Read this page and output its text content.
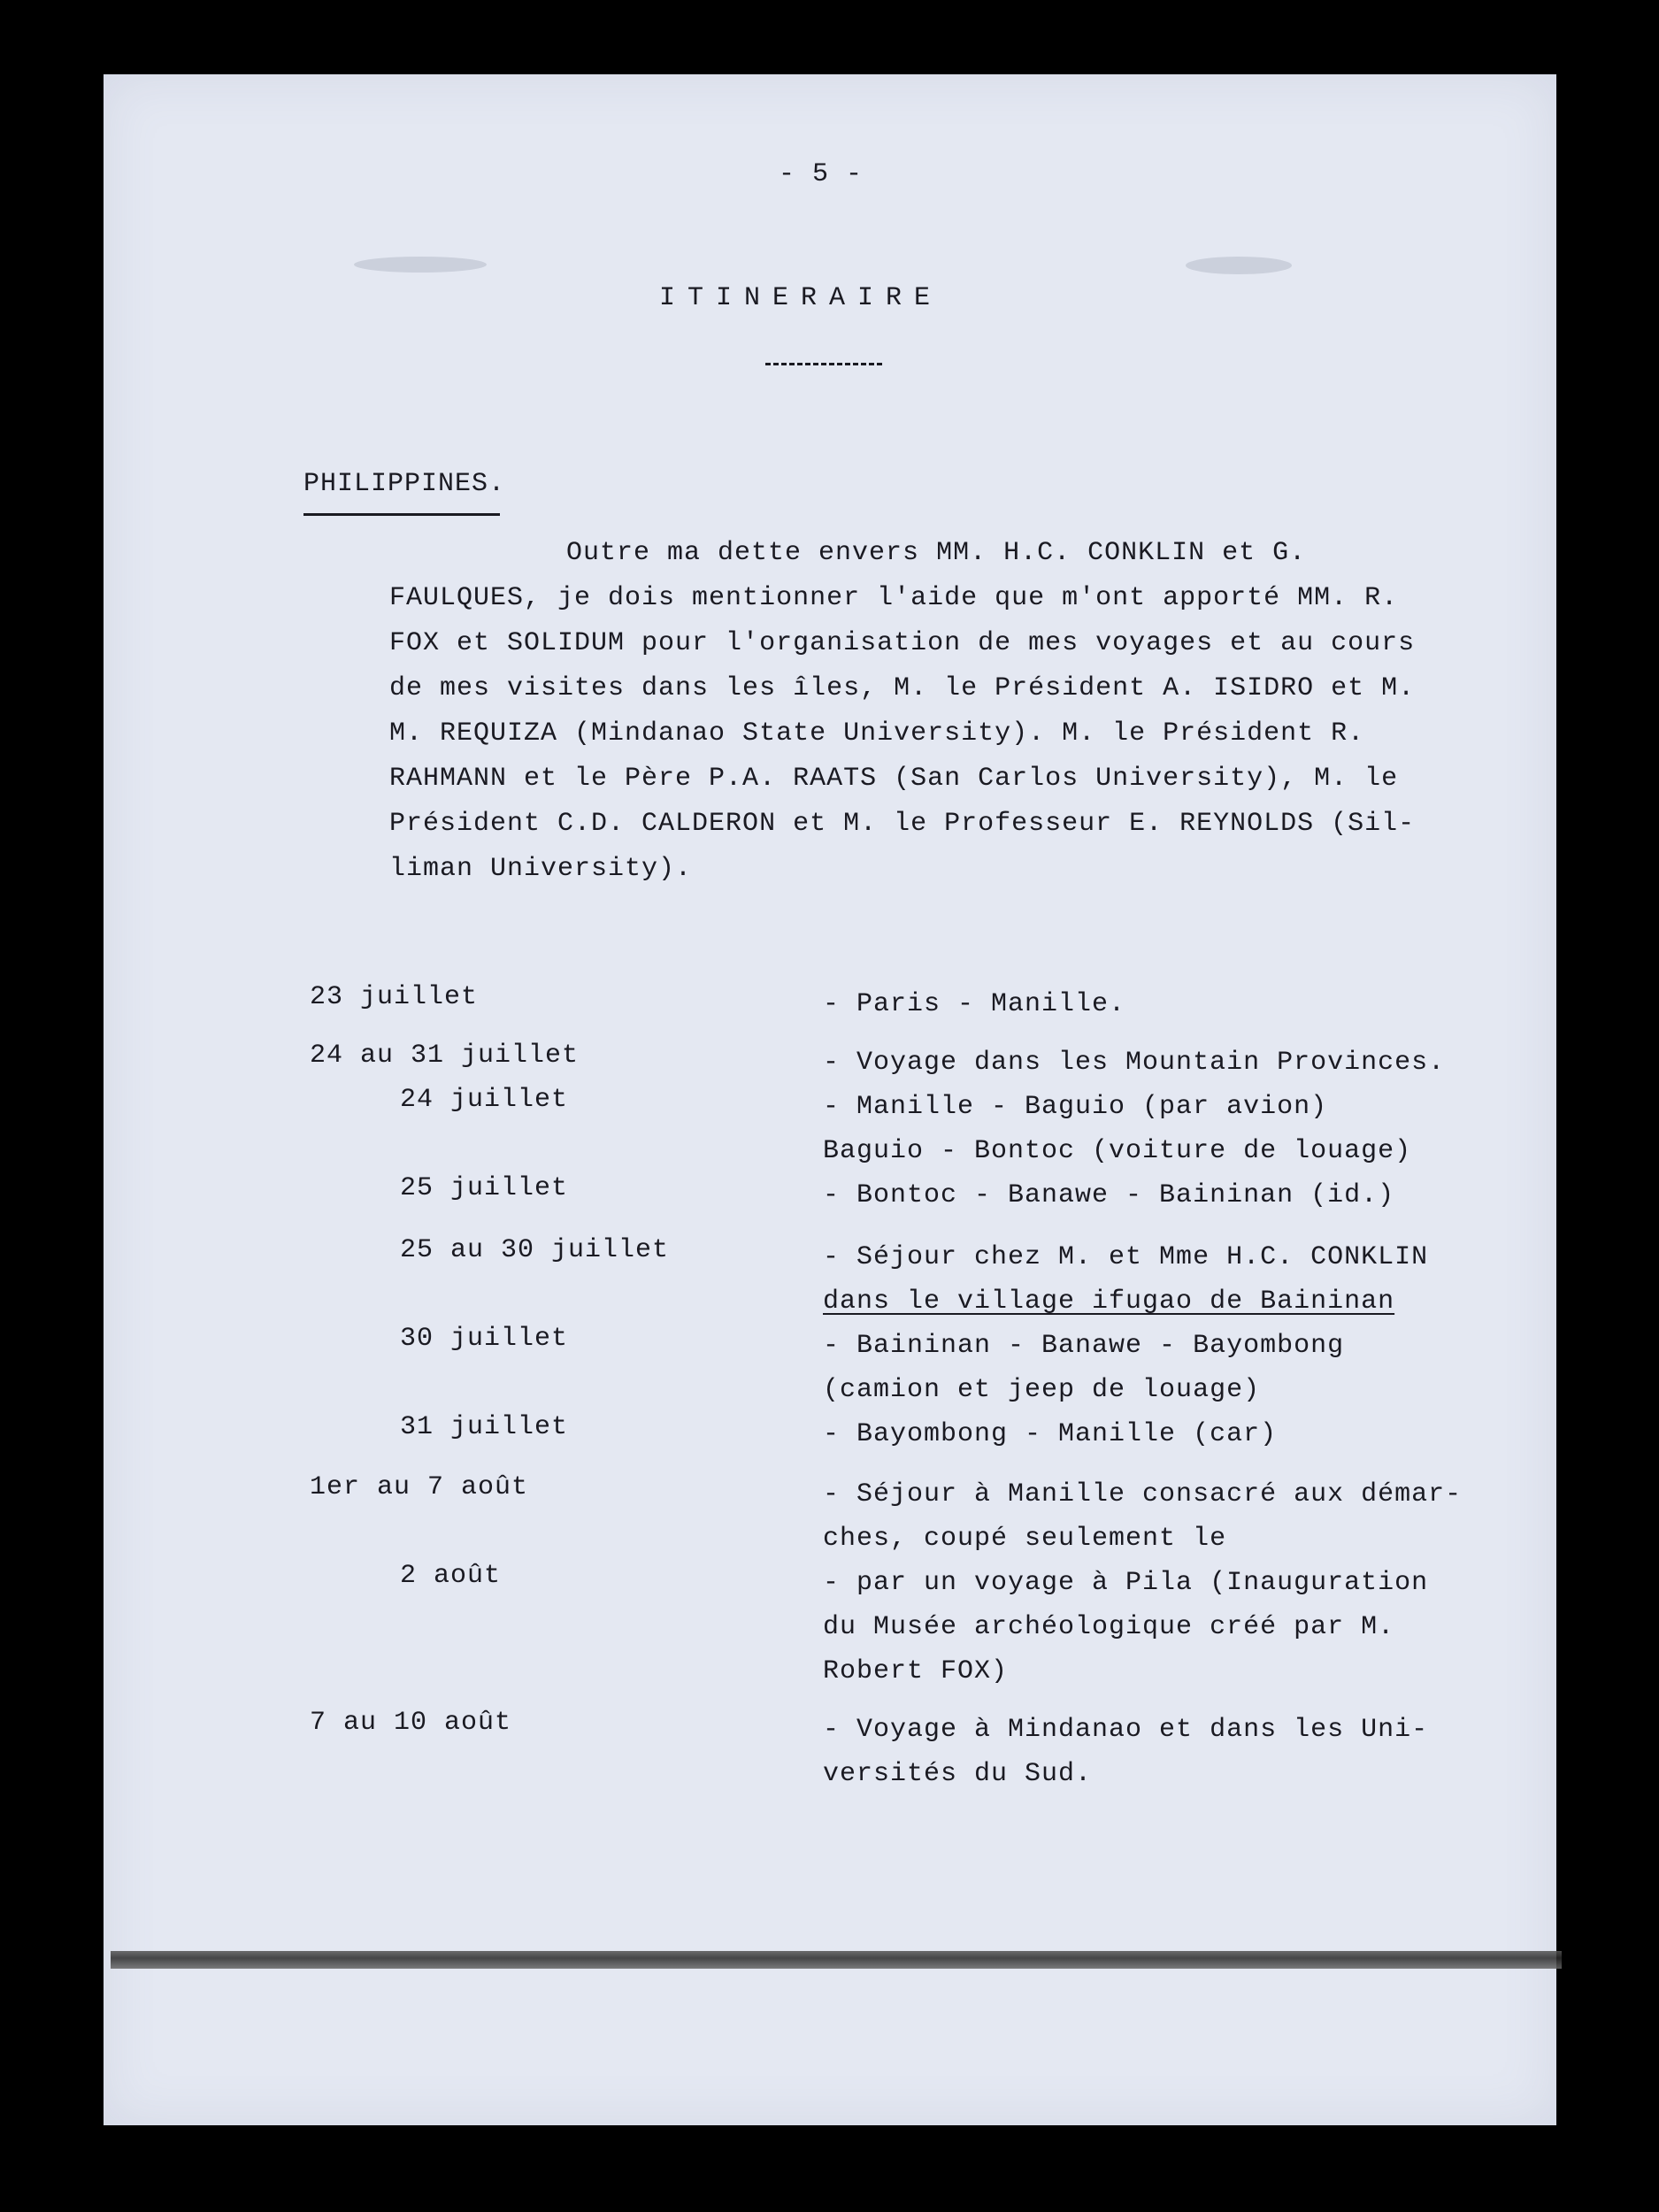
- 5 -
ITINERAIRE
PHILIPPINES.
Outre ma dette envers MM. H.C. CONKLIN et G.
FAULQUES, je dois mentionner l'aide que m'ont apporté MM. R.
FOX et SOLIDUM pour l'organisation de mes voyages et au cours
de mes visites dans les îles, M. le Président A. ISIDRO et M.
M. REQUIZA (Mindanao State University). M. le Président R.
RAHMANN et le Père P.A. RAATS (San Carlos University), M. le
Président C.D. CALDERON et M. le Professeur E. REYNOLDS (Sil-
liman University).
23 juillet	- Paris - Manille.
24 au 31 juillet	- Voyage dans les Mountain Provinces.
24 juillet	- Manille - Baguio (par avion)
Baguio - Bontoc (voiture de louage)
25 juillet	- Bontoc - Banawe - Baininan (id.)
25 au 30 juillet	- Séjour chez M. et Mme H.C. CONKLIN
dans le village ifugao de Baininan
30 juillet	- Baininan - Banawe - Bayombong
(camion et jeep de louage)
31 juillet	- Bayombong - Manille (car)
1er au 7 août	- Séjour à Manille consacré aux démar-
ches, coupé seulement le
2 août	- par un voyage à Pila (Inauguration
du Musée archéologique créé par M.
Robert FOX)
7 au 10 août	- Voyage à Mindanao et dans les Uni-
versités du Sud.
